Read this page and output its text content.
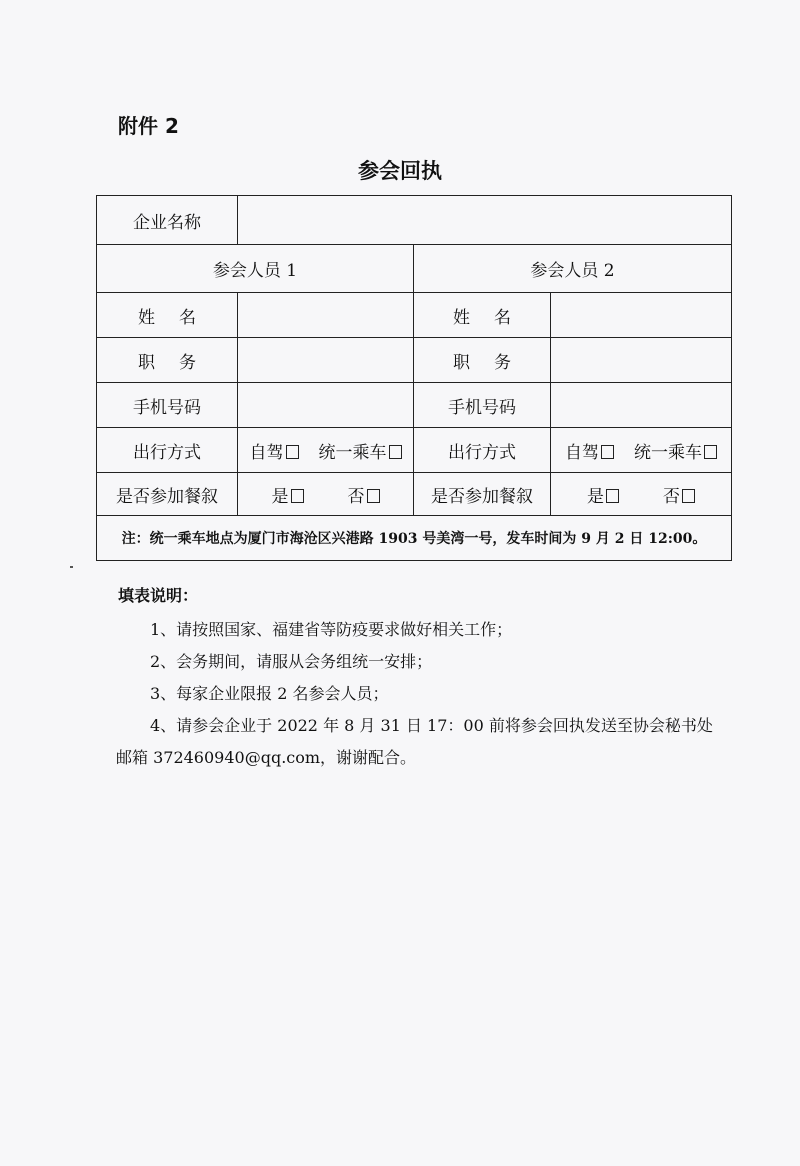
附件 2
参会回执
企业名称			
参会人员 1		参会人员 2	
姓名		姓名	
职务		职务	
手机号码		手机号码	
出行方式	自驾 统一乘车	出行方式	自驾 统一乘车
是否参加餐叙	是 否	是否参加餐叙	是 否
注：统一乘车地点为厦门市海沧区兴港路 1903 号美湾一号，发车时间为 9 月 2 日 12:00。			
填表说明：
1、请按照国家、福建省等防疫要求做好相关工作；
2、会务期间，请服从会务组统一安排；
3、每家企业限报 2 名参会人员；
4、请参会企业于 2022 年 8 月 31 日 17：00 前将参会回执发送至协会秘书处
邮箱 372460940@qq.com，谢谢配合。
